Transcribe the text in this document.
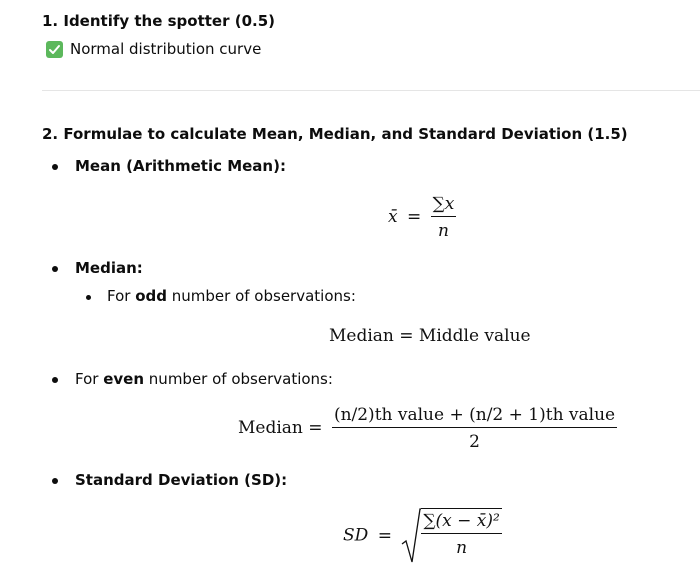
1. Identify the spotter (0.5)
Normal distribution curve
2. Formulae to calculate Mean, Median, and Standard Deviation (1.5)
Mean (Arithmetic Mean):
x̄ = $\frac{\sum x}{n}$
Median:
For odd number of observations:
Median = Middle value
For even number of observations:
Median = $\frac{\text{(n/2)th value + (n/2 + 1)th value}}{2}$
Standard Deviation (SD):
SD = $\frac{\text{∑(x − x̄)²}}{n}$
